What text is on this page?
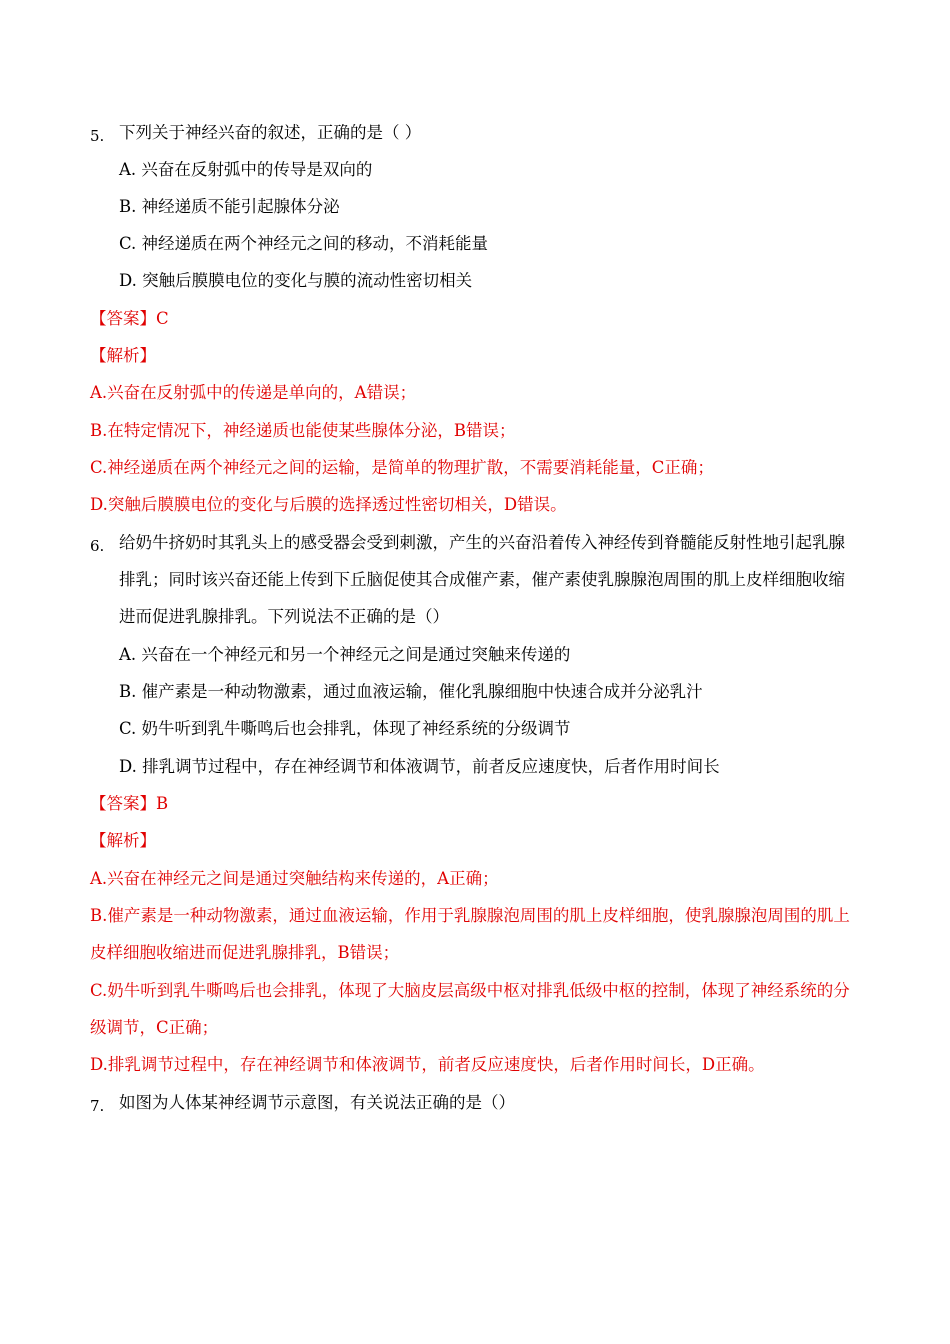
5. 下列关于神经兴奋的叙述，正确的是（ ）
A. 兴奋在反射弧中的传导是双向的
B. 神经递质不能引起腺体分泌
C. 神经递质在两个神经元之间的移动，不消耗能量
D. 突触后膜膜电位的变化与膜的流动性密切相关
【答案】C
【解析】
A.兴奋在反射弧中的传递是单向的，A错误；
B.在特定情况下，神经递质也能使某些腺体分泌，B错误；
C.神经递质在两个神经元之间的运输，是简单的物理扩散，不需要消耗能量，C正确；
D.突触后膜膜电位的变化与后膜的选择透过性密切相关，D错误。
6. 给奶牛挤奶时其乳头上的感受器会受到刺激，产生的兴奋沿着传入神经传到脊髓能反射性地引起乳腺
排乳；同时该兴奋还能上传到下丘脑促使其合成催产素，催产素使乳腺腺泡周围的肌上皮样细胞收缩
进而促进乳腺排乳。下列说法不正确的是（）
A. 兴奋在一个神经元和另一个神经元之间是通过突触来传递的
B. 催产素是一种动物激素，通过血液运输，催化乳腺细胞中快速合成并分泌乳汁
C. 奶牛听到乳牛嘶鸣后也会排乳，体现了神经系统的分级调节
D. 排乳调节过程中，存在神经调节和体液调节，前者反应速度快，后者作用时间长
【答案】B
【解析】
A.兴奋在神经元之间是通过突触结构来传递的，A正确；
B.催产素是一种动物激素，通过血液运输，作用于乳腺腺泡周围的肌上皮样细胞，使乳腺腺泡周围的肌上
皮样细胞收缩进而促进乳腺排乳，B错误；
C.奶牛听到乳牛嘶鸣后也会排乳，体现了大脑皮层高级中枢对排乳低级中枢的控制，体现了神经系统的分
级调节，C正确；
D.排乳调节过程中，存在神经调节和体液调节，前者反应速度快，后者作用时间长，D正确。
7. 如图为人体某神经调节示意图，有关说法正确的是（）
